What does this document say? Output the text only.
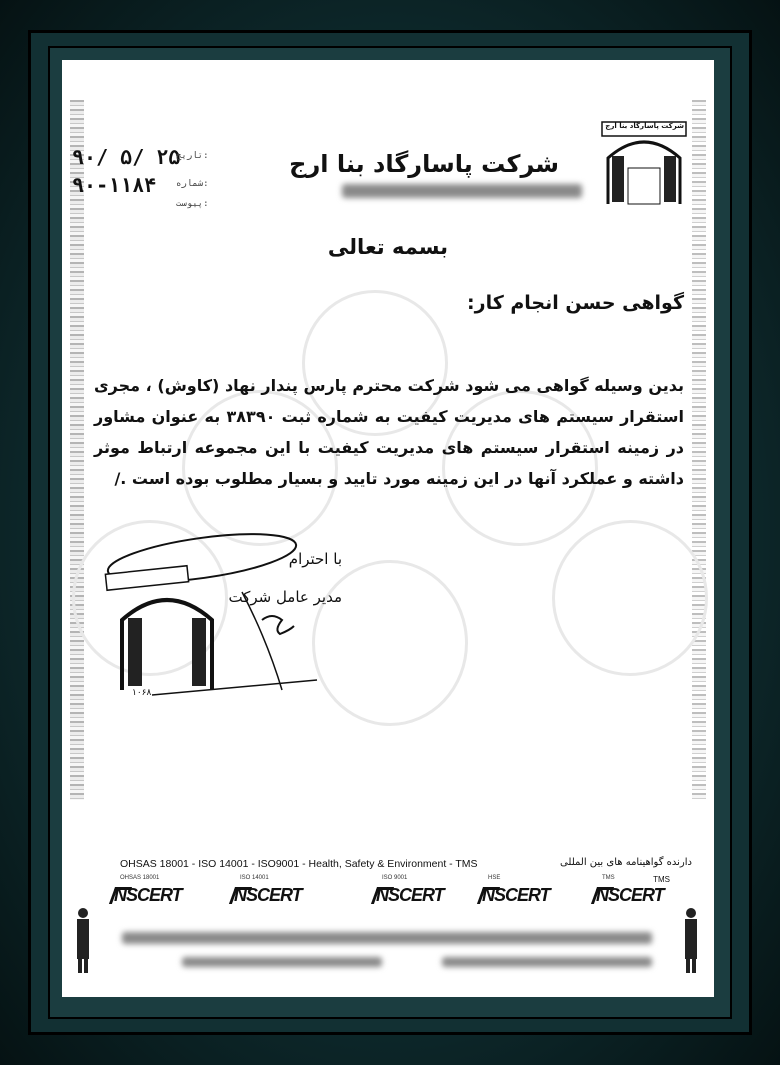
۹۰/ ۵/ ۲۵
تاریخ:
۹۰-۱۱۸۴ شماره:
پیوست:
شرکت پاسارگاد بنا ارج
شرکت پاسارگاد بنا ارج
بسمه تعالی
گواهی حسن انجام کار:
بدین وسیله گواهی می شود شرکت محترم پارس پندار نهاد (کاوش) ، مجری استقرار سیستم های مدیریت کیفیت به شماره ثبت ۳۸۳۹۰ به عنوان مشاور در زمینه استقرار سیستم های مدیریت کیفیت با این مجموعه ارتباط موثر داشته و عملکرد آنها در این زمینه مورد تایید و بسیار مطلوب بوده است ./
با احترام
مدیر عامل شرکت
۱۰۶۸
OHSAS 18001 - ISO 14001 - ISO9001 - Health, Safety & Environment - TMS	دارنده گواهینامه های بین المللی
OHSAS 18001
NSCERT
ISO 14001
NSCERT
ISO 9001
NSCERT
HSE
NSCERT
TMS	TMS
NSCERT
